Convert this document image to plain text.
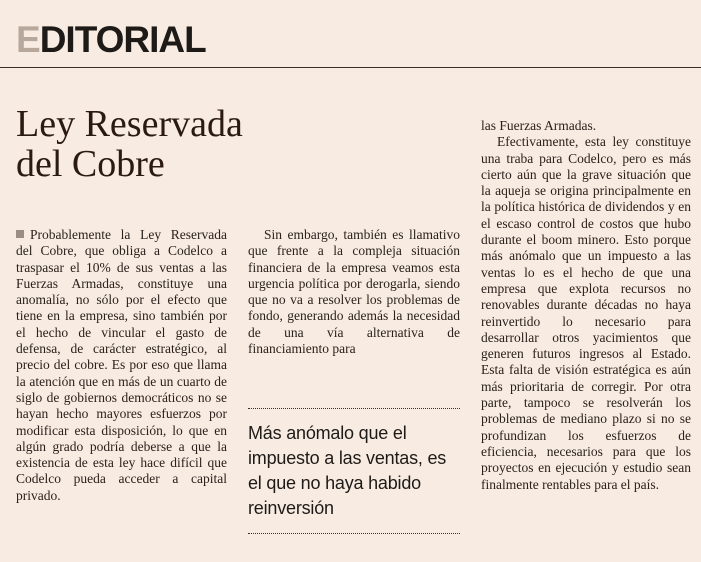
EDITORIAL
Ley Reservada
del Cobre

Probablemente la Ley Reservada del Cobre, que obliga a Codelco a traspasar el 10% de sus ventas a las Fuerzas Armadas, constituye una anomalía, no sólo por el efecto que tiene en la empresa, sino también por el hecho de vincular el gasto de defensa, de carácter estratégico, al precio del cobre. Es por eso que llama la atención que en más de un cuarto de siglo de gobiernos democráticos no se hayan hecho mayores esfuerzos por modificar esta disposición, lo que en algún grado podría deberse a que la existencia de esta ley hace difícil que Codelco pueda acceder a capital privado.

Sin embargo, también es llamativo que frente a la compleja situación financiera de la empresa veamos esta urgencia política por derogarla, siendo que no va a resolver los problemas de fondo, generando además la necesidad de una vía alternativa de financiamiento para

Más anómalo que el impuesto a las ventas, es el que no haya habido reinversión

las Fuerzas Armadas.

Efectivamente, esta ley constituye una traba para Codelco, pero es más cierto aún que la grave situación que la aqueja se origina principalmente en la política histórica de dividendos y en el escaso control de costos que hubo durante el boom minero. Esto porque más anómalo que un impuesto a las ventas lo es el hecho de que una empresa que explota recursos no renovables durante décadas no haya reinvertido lo necesario para desarrollar otros yacimientos que generen futuros ingresos al Estado. Esta falta de visión estratégica es aún más prioritaria de corregir. Por otra parte, tampoco se resolverán los problemas de mediano plazo si no se profundizan los esfuerzos de eficiencia, necesarios para que los proyectos en ejecución y estudio sean finalmente rentables para el país.
